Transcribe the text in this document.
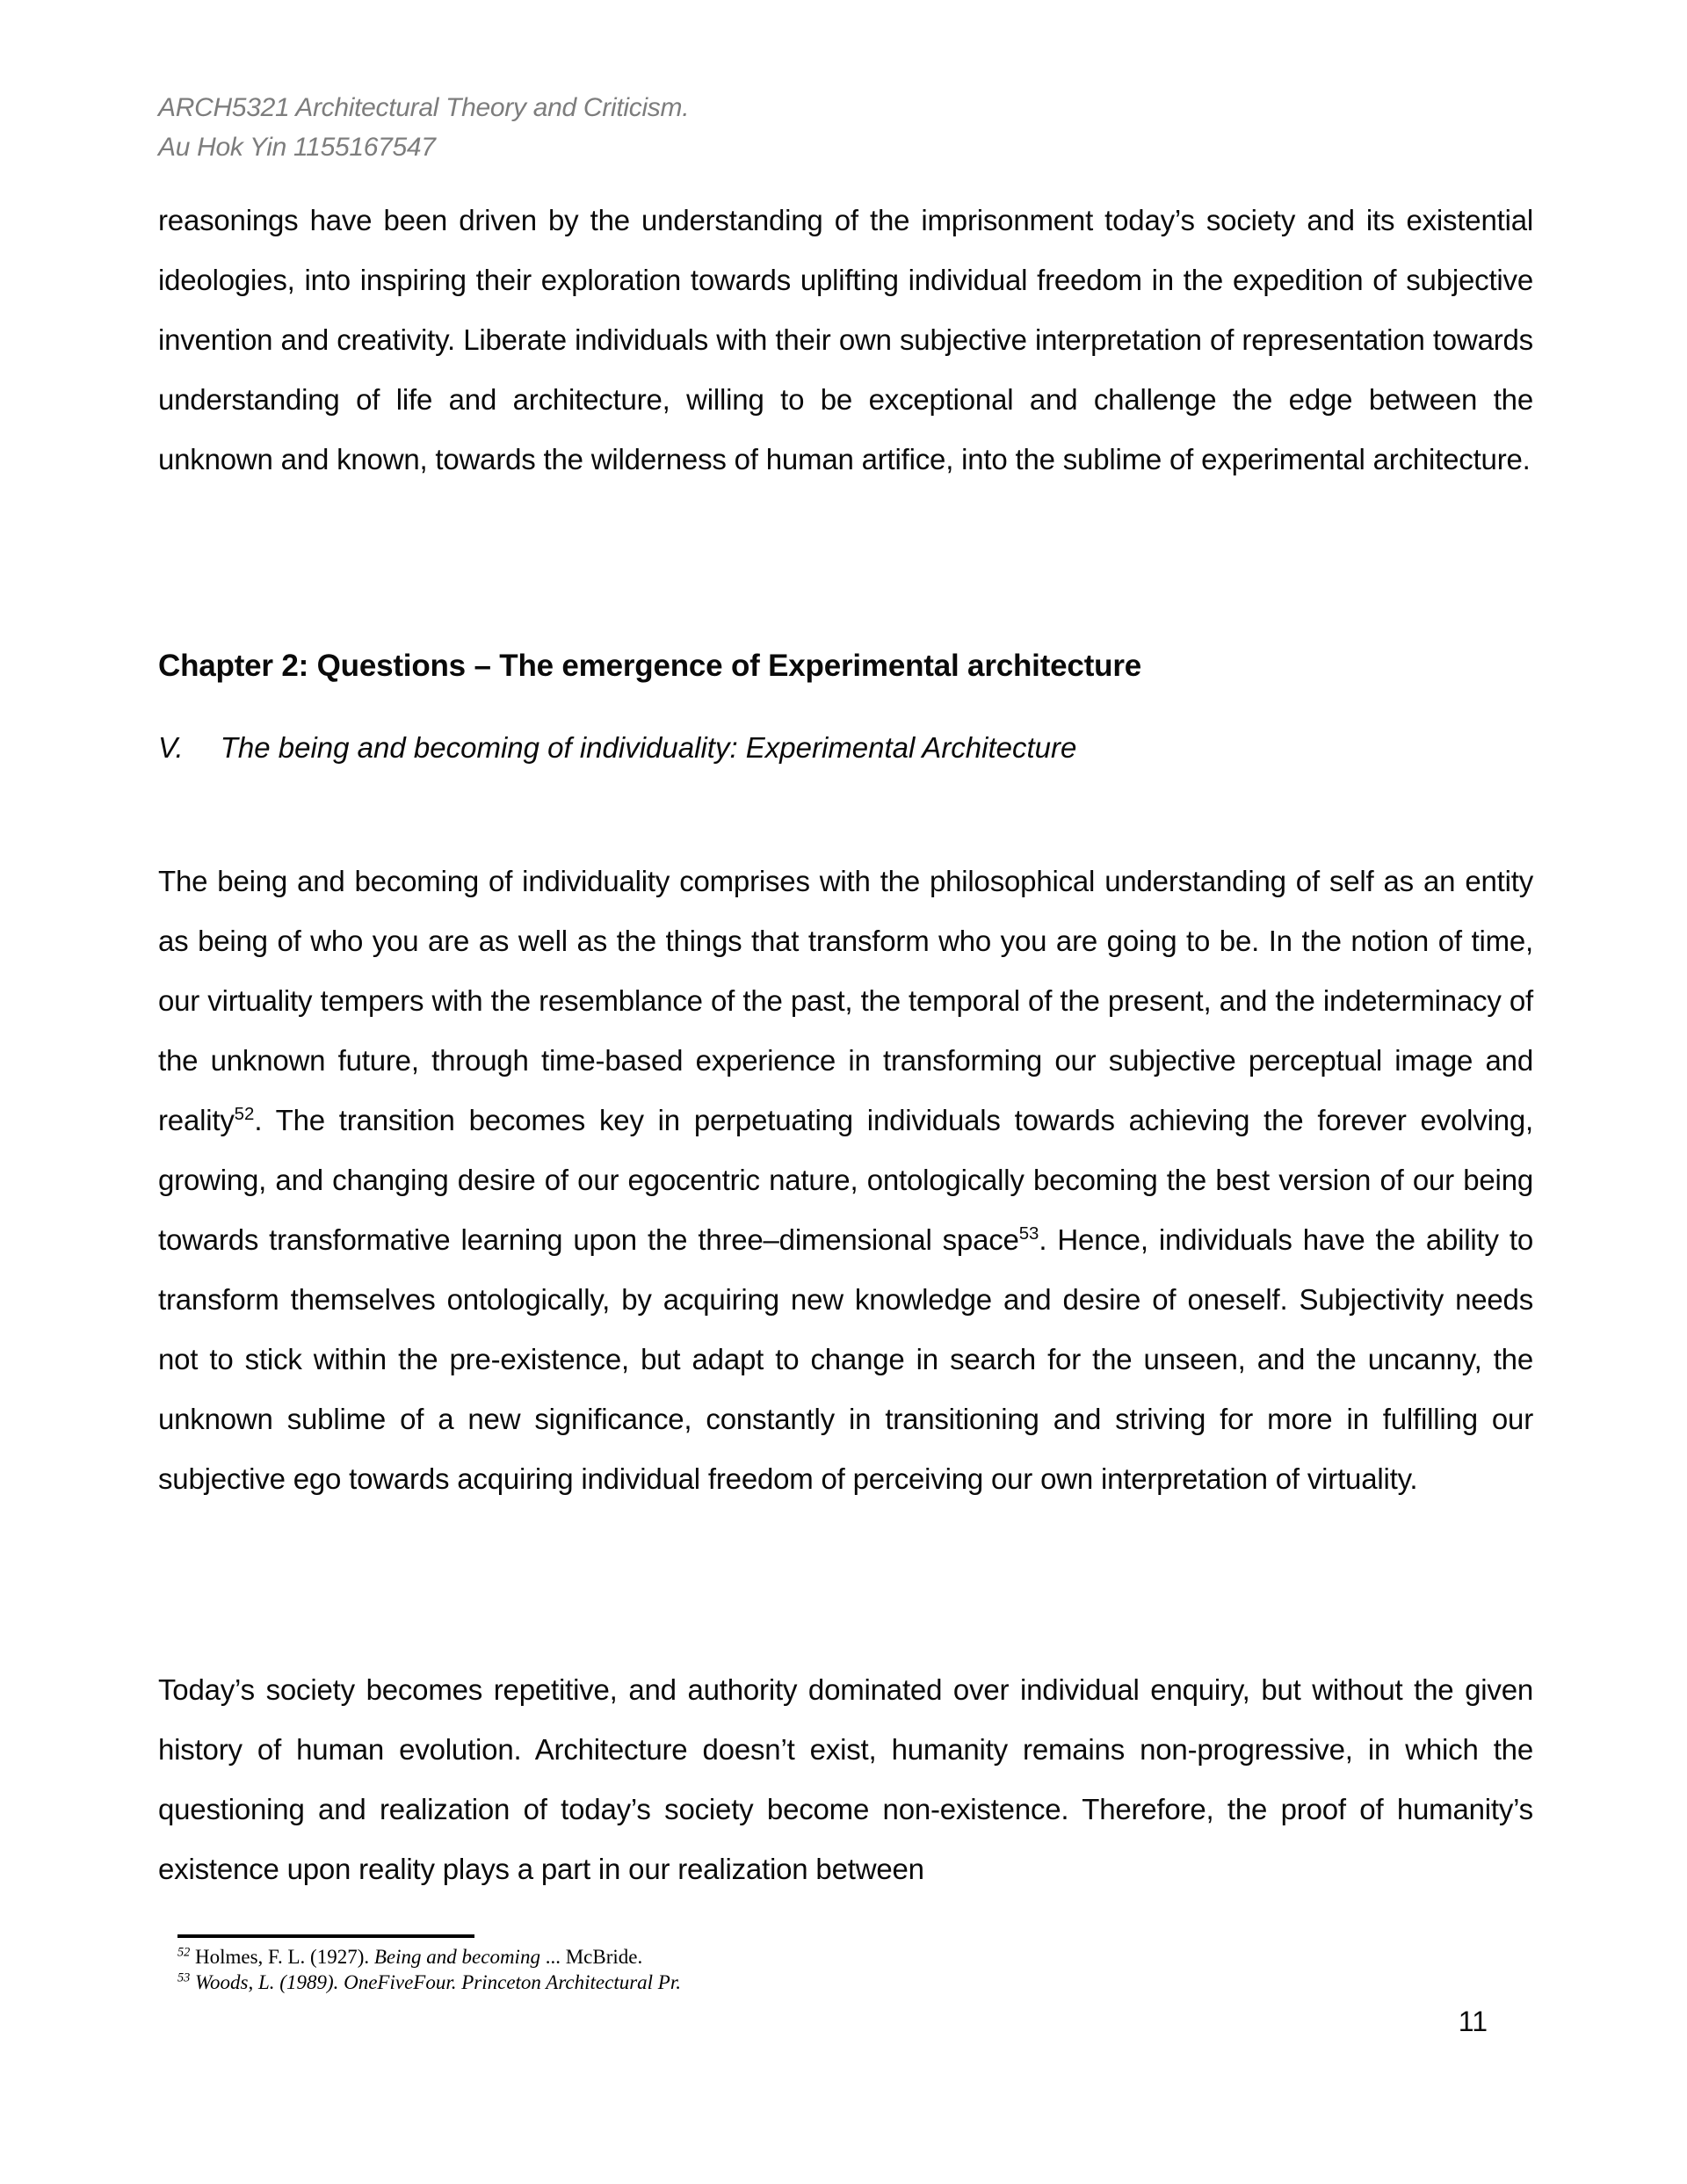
ARCH5321 Architectural Theory and Criticism.
Au Hok Yin 1155167547
reasonings have been driven by the understanding of the imprisonment today’s society and its existential ideologies, into inspiring their exploration towards uplifting individual freedom in the expedition of subjective invention and creativity. Liberate individuals with their own subjective interpretation of representation towards understanding of life and architecture, willing to be exceptional and challenge the edge between the unknown and known, towards the wilderness of human artifice, into the sublime of experimental architecture.
Chapter 2: Questions – The emergence of Experimental architecture
V. The being and becoming of individuality: Experimental Architecture
The being and becoming of individuality comprises with the philosophical understanding of self as an entity as being of who you are as well as the things that transform who you are going to be. In the notion of time, our virtuality tempers with the resemblance of the past, the temporal of the present, and the indeterminacy of the unknown future, through time-based experience in transforming our subjective perceptual image and reality$^{52}$. The transition becomes key in perpetuating individuals towards achieving the forever evolving, growing, and changing desire of our egocentric nature, ontologically becoming the best version of our being towards transformative learning upon the three–dimensional space$^{53}$. Hence, individuals have the ability to transform themselves ontologically, by acquiring new knowledge and desire of oneself. Subjectivity needs not to stick within the pre-existence, but adapt to change in search for the unseen, and the uncanny, the unknown sublime of a new significance, constantly in transitioning and striving for more in fulfilling our subjective ego towards acquiring individual freedom of perceiving our own interpretation of virtuality.
Today’s society becomes repetitive, and authority dominated over individual enquiry, but without the given history of human evolution. Architecture doesn’t exist, humanity remains non-progressive, in which the questioning and realization of today’s society become non-existence. Therefore, the proof of humanity’s existence upon reality plays a part in our realization between
$^{52}$ Holmes, F. L. (1927). Being and becoming ... McBride.
$^{53}$ Woods, L. (1989). OneFiveFour. Princeton Architectural Pr.
11
